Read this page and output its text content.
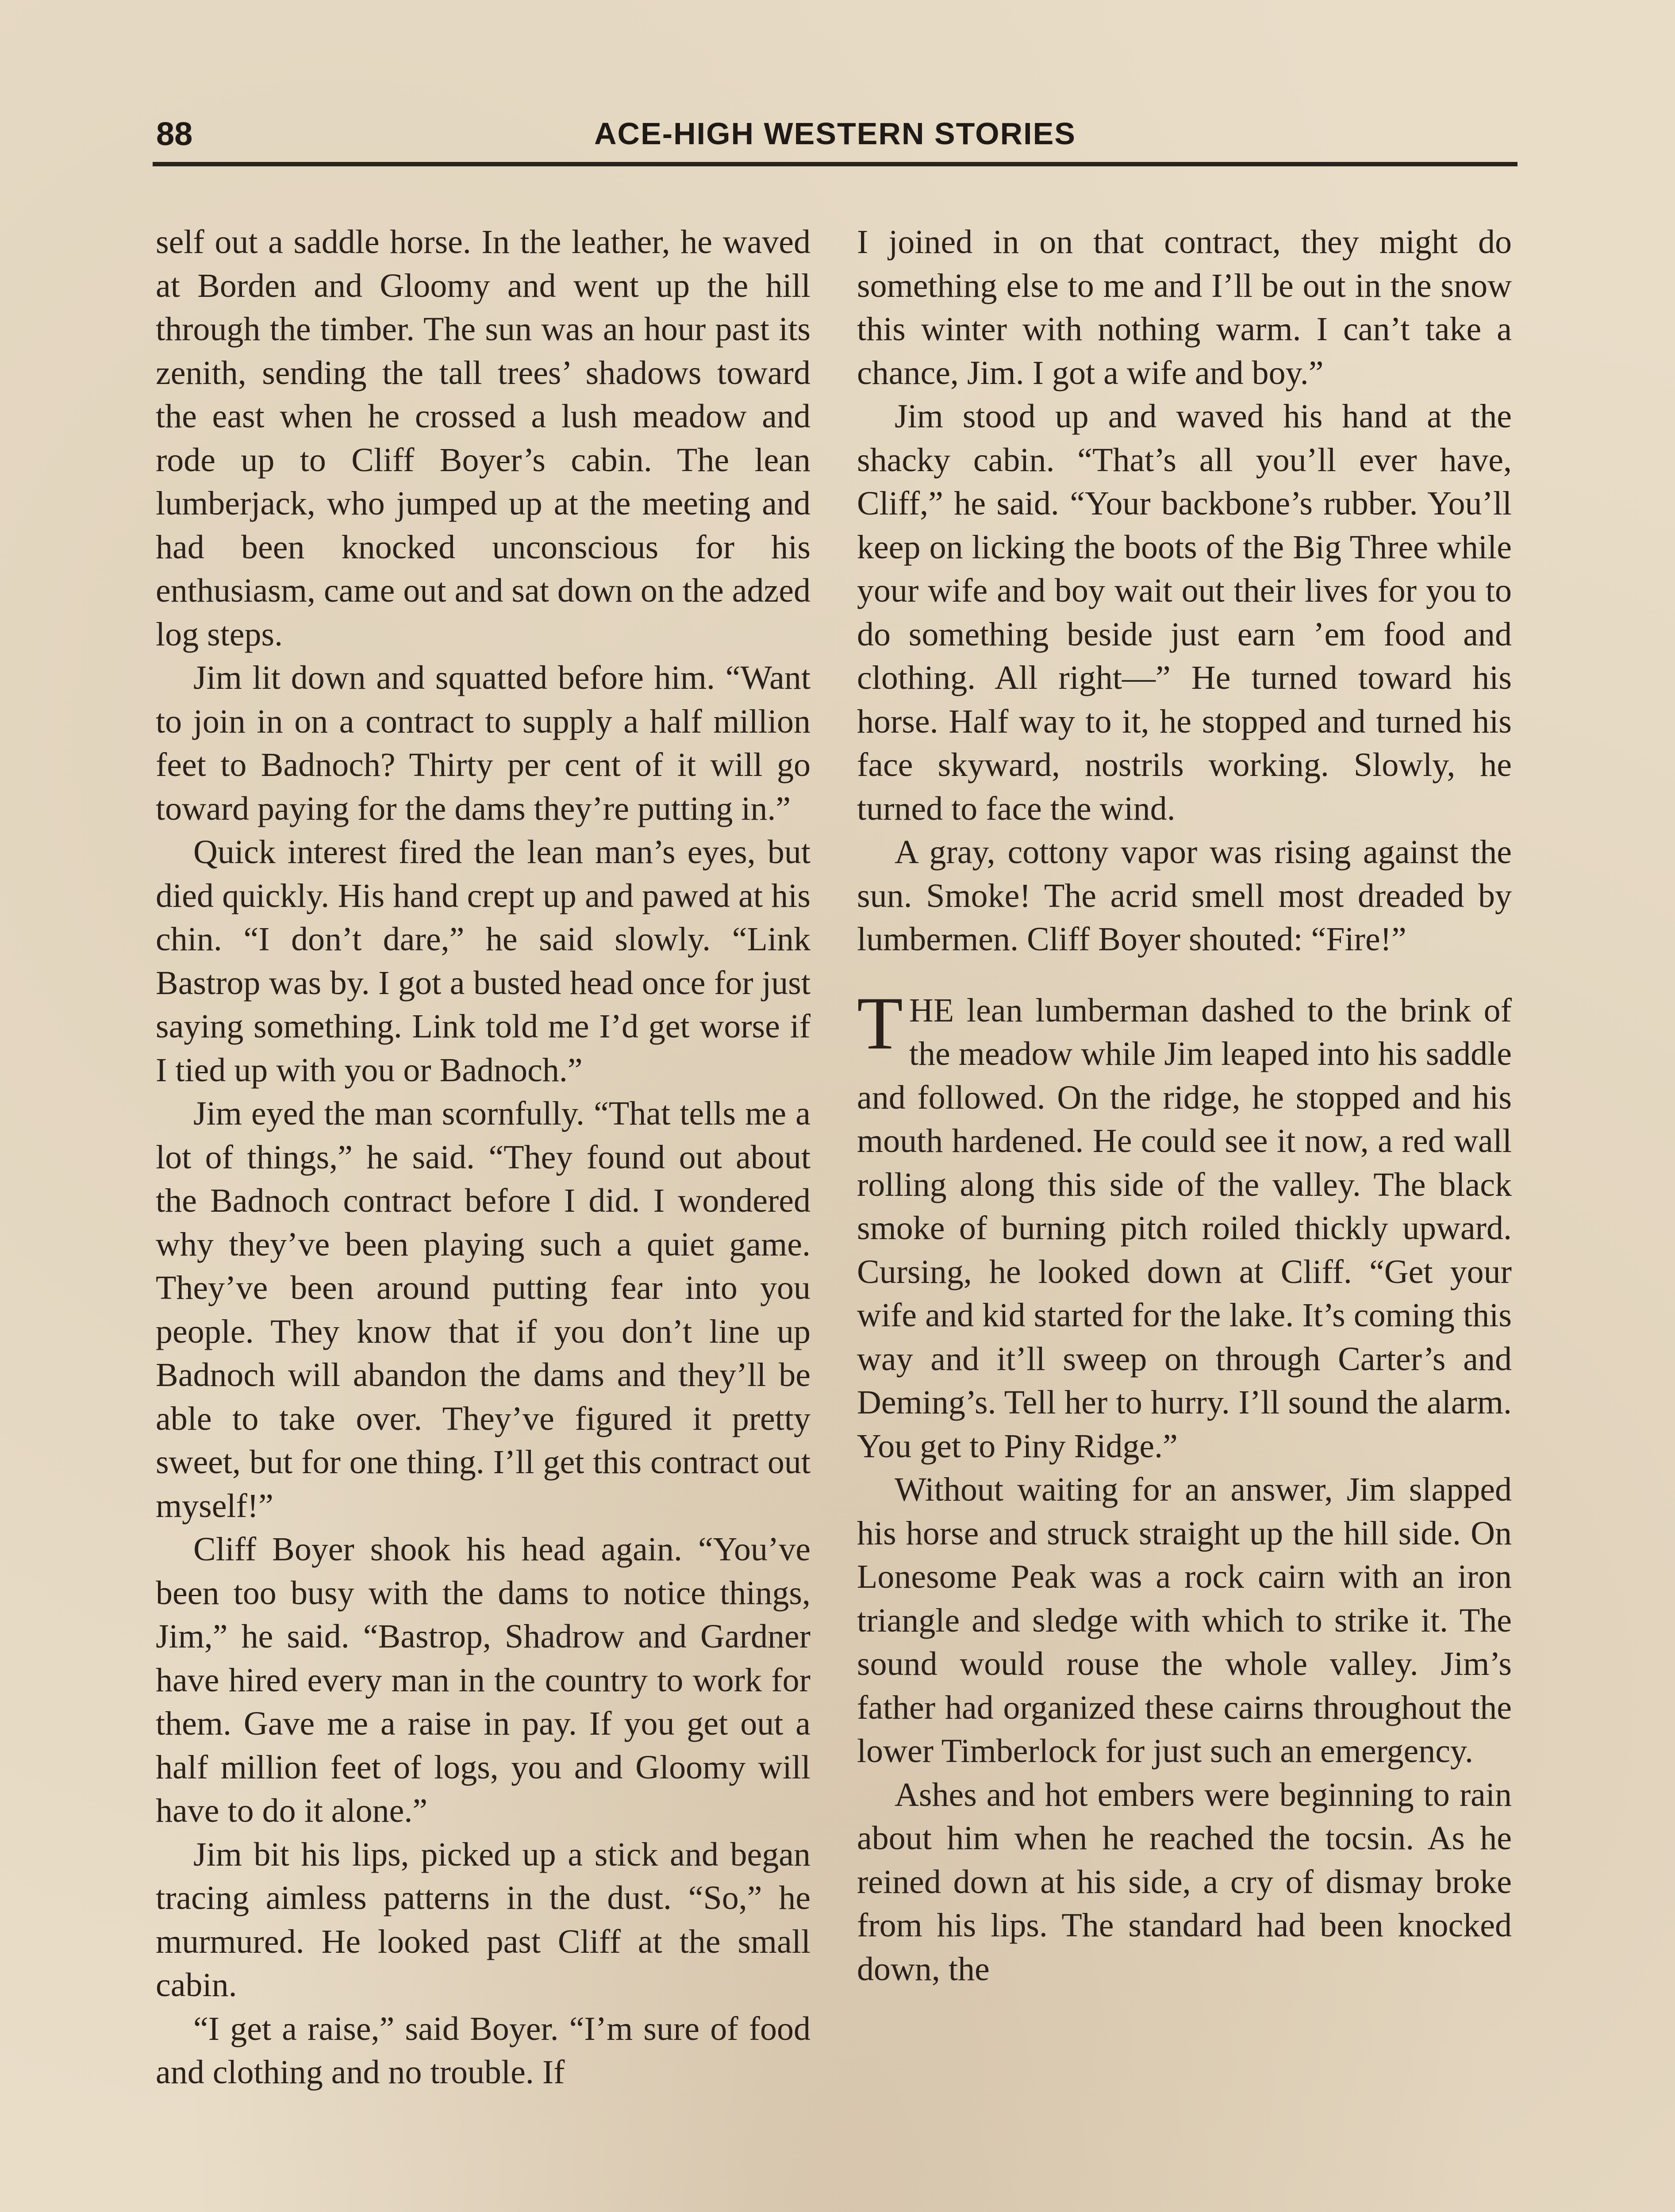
88	ACE-HIGH WESTERN STORIES

self out a saddle horse. In the leather, he waved at Borden and Gloomy and went up the hill through the timber. The sun was an hour past its zenith, sending the tall trees’ shadows toward the east when he crossed a lush meadow and rode up to Cliff Boyer’s cabin. The lean lumberjack, who jumped up at the meeting and had been knocked unconscious for his enthusiasm, came out and sat down on the adzed log steps.

Jim lit down and squatted before him. “Want to join in on a contract to supply a half million feet to Badnoch? Thirty per cent of it will go toward paying for the dams they’re putting in.”

Quick interest fired the lean man’s eyes, but died quickly. His hand crept up and pawed at his chin. “I don’t dare,” he said slowly. “Link Bastrop was by. I got a busted head once for just saying something. Link told me I’d get worse if I tied up with you or Badnoch.”

Jim eyed the man scornfully. “That tells me a lot of things,” he said. “They found out about the Badnoch contract before I did. I wondered why they’ve been playing such a quiet game. They’ve been around putting fear into you people. They know that if you don’t line up Badnoch will abandon the dams and they’ll be able to take over. They’ve figured it pretty sweet, but for one thing. I’ll get this contract out myself!”

Cliff Boyer shook his head again. “You’ve been too busy with the dams to notice things, Jim,” he said. “Bastrop, Shadrow and Gardner have hired every man in the country to work for them. Gave me a raise in pay. If you get out a half million feet of logs, you and Gloomy will have to do it alone.”

Jim bit his lips, picked up a stick and began tracing aimless patterns in the dust. “So,” he murmured. He looked past Cliff at the small cabin.

“I get a raise,” said Boyer. “I’m sure of food and clothing and no trouble. If

I joined in on that contract, they might do something else to me and I’ll be out in the snow this winter with nothing warm. I can’t take a chance, Jim. I got a wife and boy.”

Jim stood up and waved his hand at the shacky cabin. “That’s all you’ll ever have, Cliff,” he said. “Your backbone’s rubber. You’ll keep on licking the boots of the Big Three while your wife and boy wait out their lives for you to do something beside just earn ’em food and clothing. All right—” He turned toward his horse. Half way to it, he stopped and turned his face skyward, nostrils working. Slowly, he turned to face the wind.

A gray, cottony vapor was rising against the sun. Smoke! The acrid smell most dreaded by lumbermen. Cliff Boyer shouted: “Fire!”

THE lean lumberman dashed to the brink of the meadow while Jim leaped into his saddle and followed. On the ridge, he stopped and his mouth hardened. He could see it now, a red wall rolling along this side of the valley. The black smoke of burning pitch roiled thickly upward. Cursing, he looked down at Cliff. “Get your wife and kid started for the lake. It’s coming this way and it’ll sweep on through Carter’s and Deming’s. Tell her to hurry. I’ll sound the alarm. You get to Piny Ridge.”

Without waiting for an answer, Jim slapped his horse and struck straight up the hill side. On Lonesome Peak was a rock cairn with an iron triangle and sledge with which to strike it. The sound would rouse the whole valley. Jim’s father had organized these cairns throughout the lower Timberlock for just such an emergency.

Ashes and hot embers were beginning to rain about him when he reached the tocsin. As he reined down at his side, a cry of dismay broke from his lips. The standard had been knocked down, the
